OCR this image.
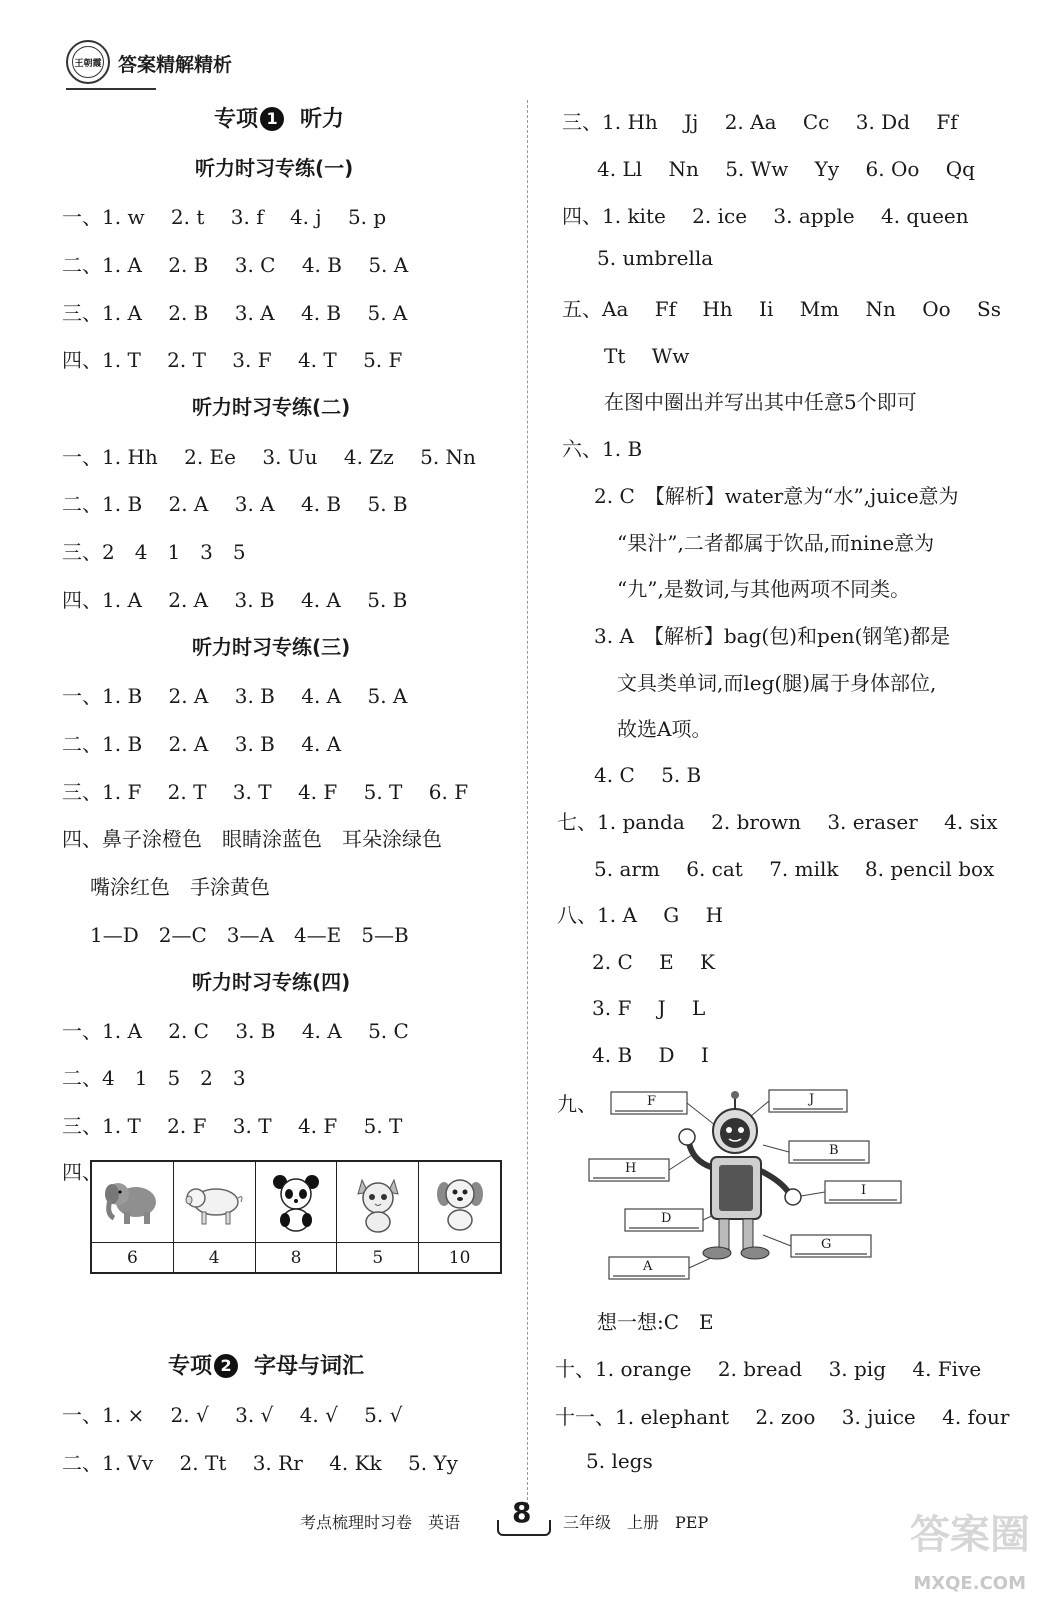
王朝霞 答案精解精析
专项 1 听力
听力时习专练(一)
一、1. w　 2. t　 3. f　 4. j　 5. p
二、1. A　 2. B　 3. C　 4. B　 5. A
三、1. A　 2. B　 3. A　 4. B　 5. A
四、1. T　 2. T　 3. F　 4. T　 5. F
听力时习专练(二)
一、1. Hh　 2. Ee　 3. Uu　 4. Zz　 5. Nn
二、1. B　 2. A　 3. A　 4. B　 5. B
三、2　4　1　3　5
四、1. A　 2. A　 3. B　 4. A　 5. B
听力时习专练(三)
一、1. B　 2. A　 3. B　 4. A　 5. A
二、1. B　 2. A　 3. B　 4. A
三、1. F　 2. T　 3. T　 4. F　 5. T　 6. F
四、鼻子涂橙色　眼睛涂蓝色　耳朵涂绿色
嘴涂红色　手涂黄色
1—D　2—C　3—A　4—E　5—B
听力时习专练(四)
一、1. A　 2. C　 3. B　 4. A　 5. C
二、4　1　5　2　3
三、1. T　 2. F　 3. T　 4. F　 5. T
四、
6	4	8	5	10
专项 2 字母与词汇
一、1. ×　 2. √　 3. √　 4. √　 5. √
二、1. Vv　 2. Tt　 3. Rr　 4. Kk　 5. Yy
三、1. Hh　 Jj　 2. Aa　 Cc　 3. Dd　 Ff
4. Ll　 Nn　 5. Ww　 Yy　 6. Oo　 Qq
四、1. kite　 2. ice　 3. apple　 4. queen
5. umbrella
五、Aa　 Ff　 Hh　 Ii　 Mm　 Nn　 Oo　 Ss
Tt　 Ww
在图中圈出并写出其中任意5个即可
六、1. B
2. C　【解析】water意为“水”,juice意为
“果汁”,二者都属于饮品,而nine意为
“九”,是数词,与其他两项不同类。
3. A　【解析】bag(包)和pen(钢笔)都是
文具类单词,而leg(腿)属于身体部位,
故选A项。
4. C　 5. B
七、1. panda　 2. brown　 3. eraser　 4. six
5. arm　 6. cat　 7. milk　 8. pencil box
八、1. A　 G　 H
2. C　 E　 K
3. F　 J　 L
4. B　 D　 I
九、	F	J
B
H
I
D
G
A
想一想:C　E
十、1. orange　 2. bread　 3. pig　 4. Five
十一、1. elephant　 2. zoo　 3. juice　 4. four
5. legs
考点梳理时习卷　英语 8 三年级　上册　PEP	答案圈
MXQE.COM
